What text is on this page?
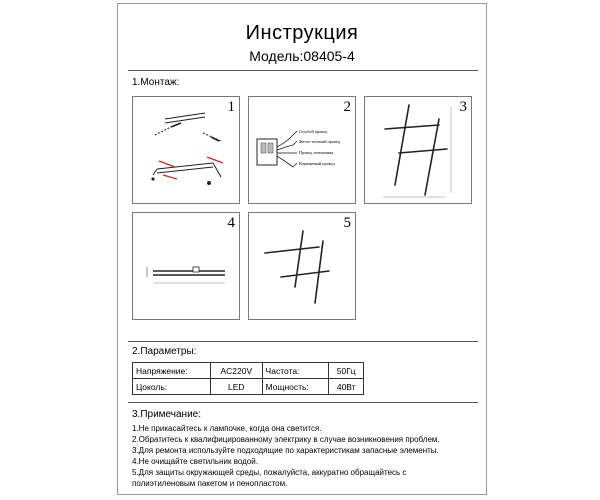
Инструкция
Модель:08405-4
1.Монтаж:
1
Голубой провод
Желто-зеленый провод
Провод заземления
Коричневый провод
2	3
4	5
2.Параметры:
Напряжение:	AC220V	Частота:	50Гц
Цоколь:	LED	Мощность:	40Вт
3.Примечание:
1.Не прикасайтесь к лампочке, когда она светится.
2.Обратитесь к квалифицированному электрику в случае возникновения проблем.
3.Для ремонта используйте подходящие по характеристикам запасные элементы.
4.Не очищайте светильник водой.
5.Для защиты окружающей среды, пожалуйста, аккуратно обращайтесь с
полиэтиленовым пакетом и пенопластом.
